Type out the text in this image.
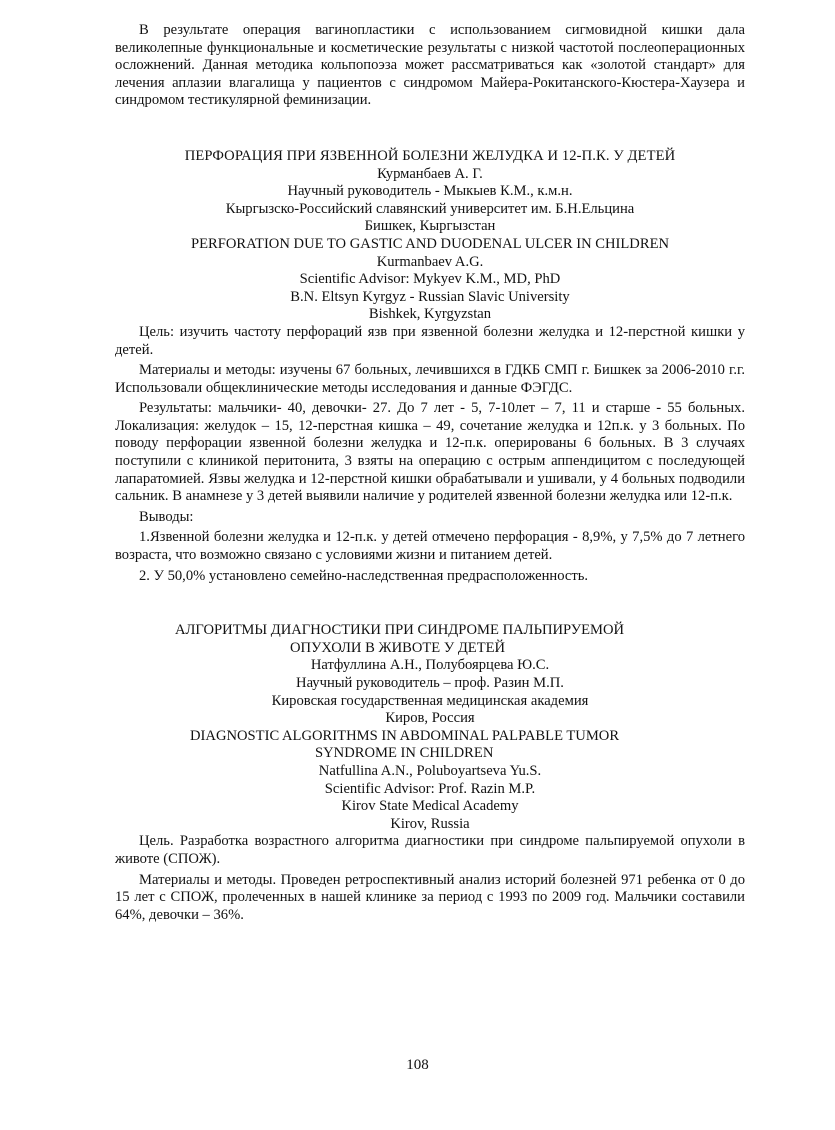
В результате операция вагинопластики с использованием сигмовидной кишки дала великолепные функциональные и косметические результаты с низкой частотой послеоперационных осложнений. Данная методика кольпопоэза может рассматриваться как «золотой стандарт» для лечения аплазии влагалища у пациентов с синдромом Майера-Рокитанского-Кюстера-Хаузера и синдромом тестикулярной феминизации.

ПЕРФОРАЦИЯ ПРИ ЯЗВЕННОЙ БОЛЕЗНИ ЖЕЛУДКА И 12-П.К. У ДЕТЕЙ

Курманбаев А. Г.

Научный руководитель - Мыкыев К.М., к.м.н.

Кыргызско-Российский славянский университет им. Б.Н.Ельцина

Бишкек, Кыргызстан

PERFORATION DUE TO GASTIC AND DUODENAL ULCER IN CHILDREN

Kurmanbaev A.G.

Scientific Advisor: Mykyev K.M., MD, PhD

B.N. Eltsyn Kyrgyz - Russian Slavic University

Bishkek, Kyrgyzstan

Цель: изучить частоту перфораций язв при язвенной болезни желудка и 12-перстной кишки у детей.

Материалы и методы: изучены 67 больных, лечившихся в ГДКБ СМП г. Бишкек за 2006-2010 г.г. Использовали общеклинические методы исследования и данные ФЭГДС.

Результаты: мальчики- 40, девочки- 27. До 7 лет - 5, 7-10лет – 7, 11 и старше - 55 больных. Локализация: желудок – 15, 12-перстная кишка – 49, сочетание желудка и 12п.к. у 3 больных. По поводу перфорации язвенной болезни желудка и 12-п.к. оперированы 6 больных. В 3 случаях поступили с клиникой перитонита, 3 взяты на операцию с острым аппендицитом с последующей лапаратомией. Язвы желудка и 12-перстной кишки обрабатывали и ушивали, у 4 больных подводили сальник. В анамнезе у 3 детей выявили наличие у родителей язвенной болезни желудка или 12-п.к.

Выводы:

1.Язвенной болезни желудка и 12-п.к. у детей отмечено перфорация - 8,9%, у 7,5% до 7 летнего возраста, что возможно связано с условиями жизни и питанием детей.

2. У 50,0% установлено семейно-наследственная предрасположенность.

АЛГОРИТМЫ ДИАГНОСТИКИ ПРИ СИНДРОМЕ ПАЛЬПИРУЕМОЙ

ОПУХОЛИ В ЖИВОТЕ У ДЕТЕЙ

Натфуллина А.Н., Полубоярцева Ю.С.

Научный руководитель – проф. Разин М.П.

Кировская государственная медицинская академия

Киров, Россия

DIAGNOSTIC ALGORITHMS IN ABDOMINAL PALPABLE TUMOR

SYNDROME IN CHILDREN

Natfullina A.N., Poluboyartseva Yu.S.

Scientific Advisor: Prof. Razin M.P.

Kirov State Medical Academy

Kirov, Russia

Цель. Разработка возрастного алгоритма диагностики при синдроме пальпируемой опухоли в животе (СПОЖ).

Материалы и методы. Проведен ретроспективный анализ историй болезней 971 ребенка от 0 до 15 лет с СПОЖ, пролеченных в нашей клинике за период с 1993 по 2009 год. Мальчики составили 64%, девочки – 36%.

108
